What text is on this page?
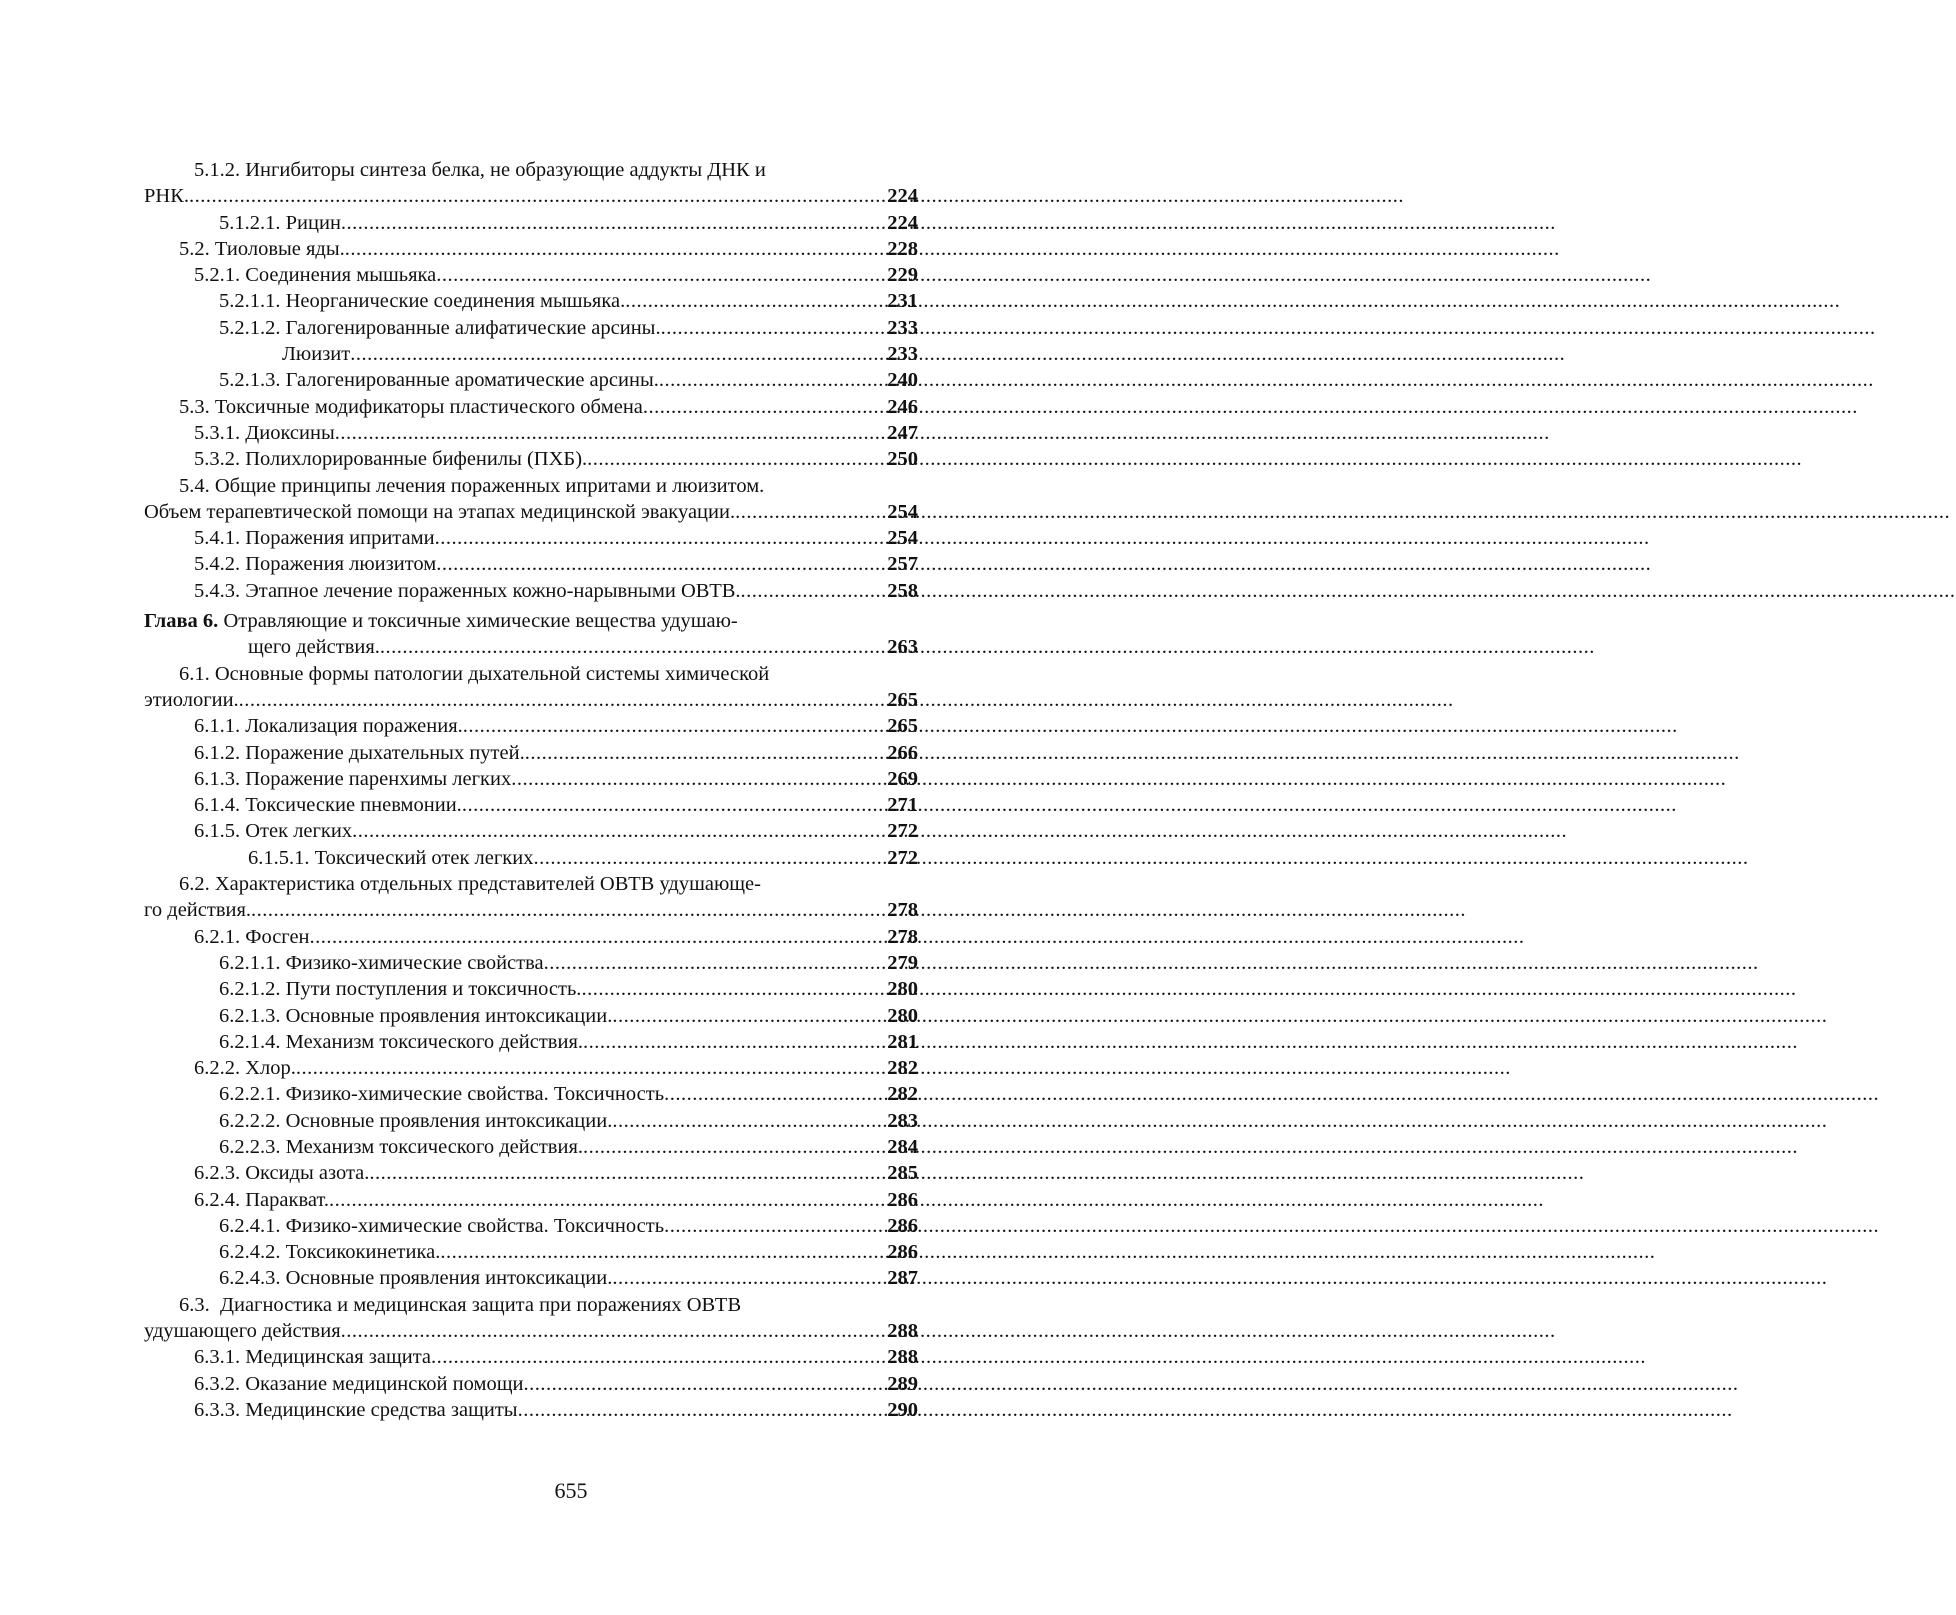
5.1.2. Ингибиторы синтеза белка, не образующие аддукты ДНК и
РНК. .....	224
5.1.2.1. Рицин .....	224
5.2. Тиоловые яды. .....	228
5.2.1. Соединения мышьяка .....	229
5.2.1.1. Неорганические соединения мышьяка. .....	231
5.2.1.2. Галогенированные алифатические арсины. .....	233
Люизит .....	233
5.2.1.3. Галогенированные ароматические арсины. .....	240
5.3. Токсичные модификаторы пластического обмена .....	246
5.3.1. Диоксины .....	247
5.3.2. Полихлорированные бифенилы (ПХБ). .....	250
5.4. Общие принципы лечения пораженных ипритами и люизитом.
Объем терапевтической помощи на этапах медицинской эвакуации. .....	254
5.4.1. Поражения ипритами .....	254
5.4.2. Поражения люизитом .....	257
5.4.3. Этапное лечение пораженных кожно-нарывными ОВТВ. .....	258
Глава 6. Отравляющие и токсичные химические вещества удушаю-
щего действия. .....	263
6.1. Основные формы патологии дыхательной системы химической
этиологии. .....	265
6.1.1. Локализация поражения. .....	265
6.1.2. Поражение дыхательных путей. .....	266
6.1.3. Поражение паренхимы легких .....	269
6.1.4. Токсические пневмонии. .....	271
6.1.5. Отек легких .....	272
6.1.5.1. Токсический отек легких .....	272
6.2. Характеристика отдельных представителей ОВТВ удушающе-
го действия. .....	278
6.2.1. Фосген .....	278
6.2.1.1. Физико-химические свойства .....	279
6.2.1.2. Пути поступления и токсичность. .....	280
6.2.1.3. Основные проявления интоксикации. .....	280
6.2.1.4. Механизм токсического действия. .....	281
6.2.2. Хлор. .....	282
6.2.2.1. Физико-химические свойства. Токсичность .....	282
6.2.2.2. Основные проявления интоксикации. .....	283
6.2.2.3. Механизм токсического действия. .....	284
6.2.3. Оксиды азота. .....	285
6.2.4. Паракват. .....	286
6.2.4.1. Физико-химические свойства. Токсичность .....	286
6.2.4.2. Токсикокинетика. .....	286
6.2.4.3. Основные проявления интоксикации. .....	287
6.3.  Диагностика и медицинская защита при поражениях ОВТВ
удушающего действия .....	288
6.3.1. Медицинская защита .....	288
6.3.2. Оказание медицинской помощи .....	289
6.3.3. Медицинские средства защиты .....	290
655
